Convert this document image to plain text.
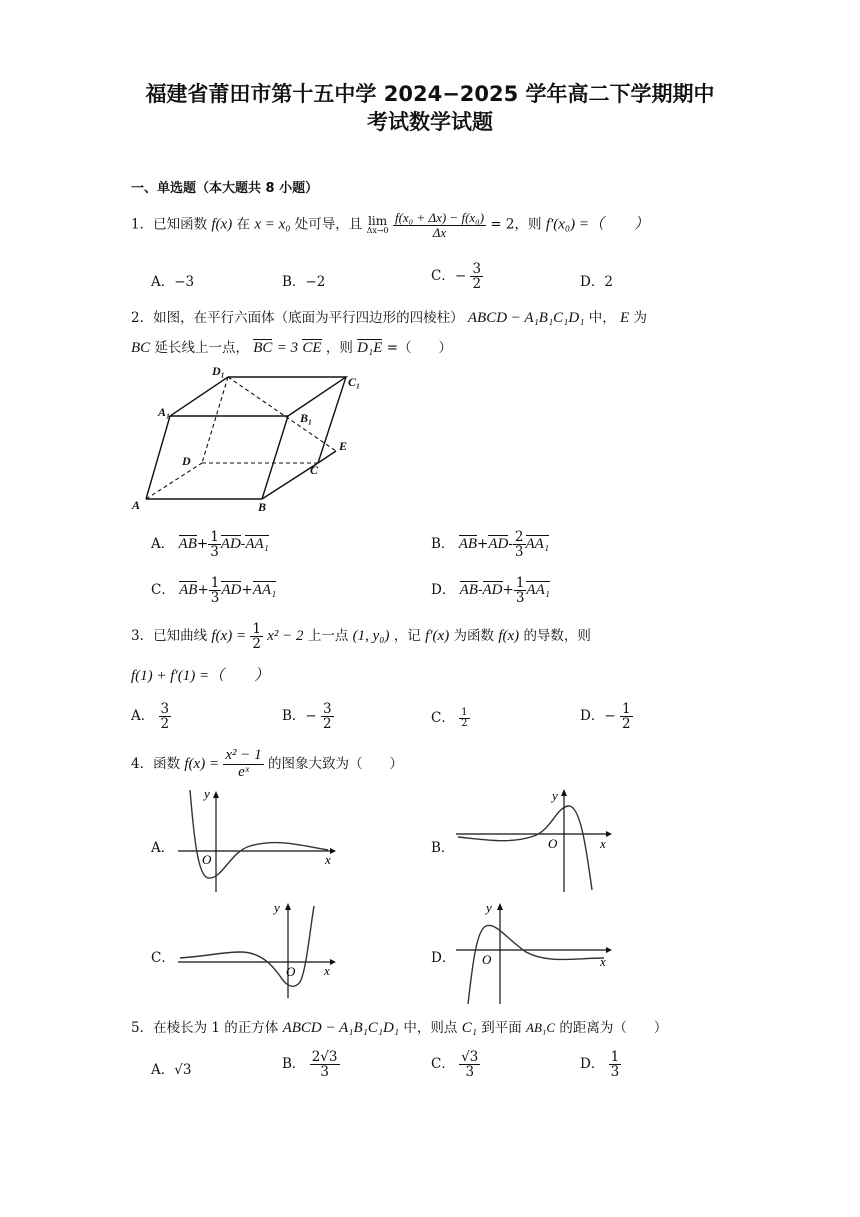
福建省莆田市第十五中学 2024−2025 学年高二下学期期中
考试数学试题
一、单选题（本大题共 8 小题）
1．已知函数 f(x) 在 x = x₀ 处可导，且 lim
Δx→0
$\frac{\text{f(x₀ + Δx) − f(x₀)}}{\Delta x} = 2$，则 f′(x₀) =（　　）
A．−3	B．−2	C．− $\frac{3}{2}$	D．2
2．如图，在平行六面体（底面为平行四边形的四棱柱） ABCD − A₁B₁C₁D₁ 中， E 为
BC 延长线上一点， BC = 3 CE ，则 D₁E =（　　）
D₁
C₁
A₁	B₁
E
D
C
A	B
A． $AB+ \frac{1}{3} AD-AA_1$	B． $AB+AD- \frac{2}{3} AA_1$
C． $AB+ \frac{1}{3} AD+AA_1$	D． $AB-AD+ \frac{1}{3} AA_1$
3．已知曲线 $f(x) = \frac{1}{2} x^2 - 2$ 上一点 (1, y₀) ，记 f′(x) 为函数 f(x) 的导数，则
f(1) + f′(1) =（　　）
A． $\frac{3}{2}$	B．− $\frac{3}{2}$	C． $\frac{1}{2}$	D．− $\frac{1}{2}$
4．函数 $f(x) = \frac{\text{x² − 1}}{\text{eˣ}}$ 的图象大致为（　　）
A．
x
y
O
B．	x
y
O
C．
x
y
O
D．	x
y
O
5．在棱长为 1 的正方体 ABCD − A₁B₁C₁D₁ 中，则点 C₁ 到平面 AB₁C 的距离为（　　）
A．√3	B． $\frac{2√3}{3}$	C． $\frac{√3}{3}$	D． $\frac{1}{3}$
